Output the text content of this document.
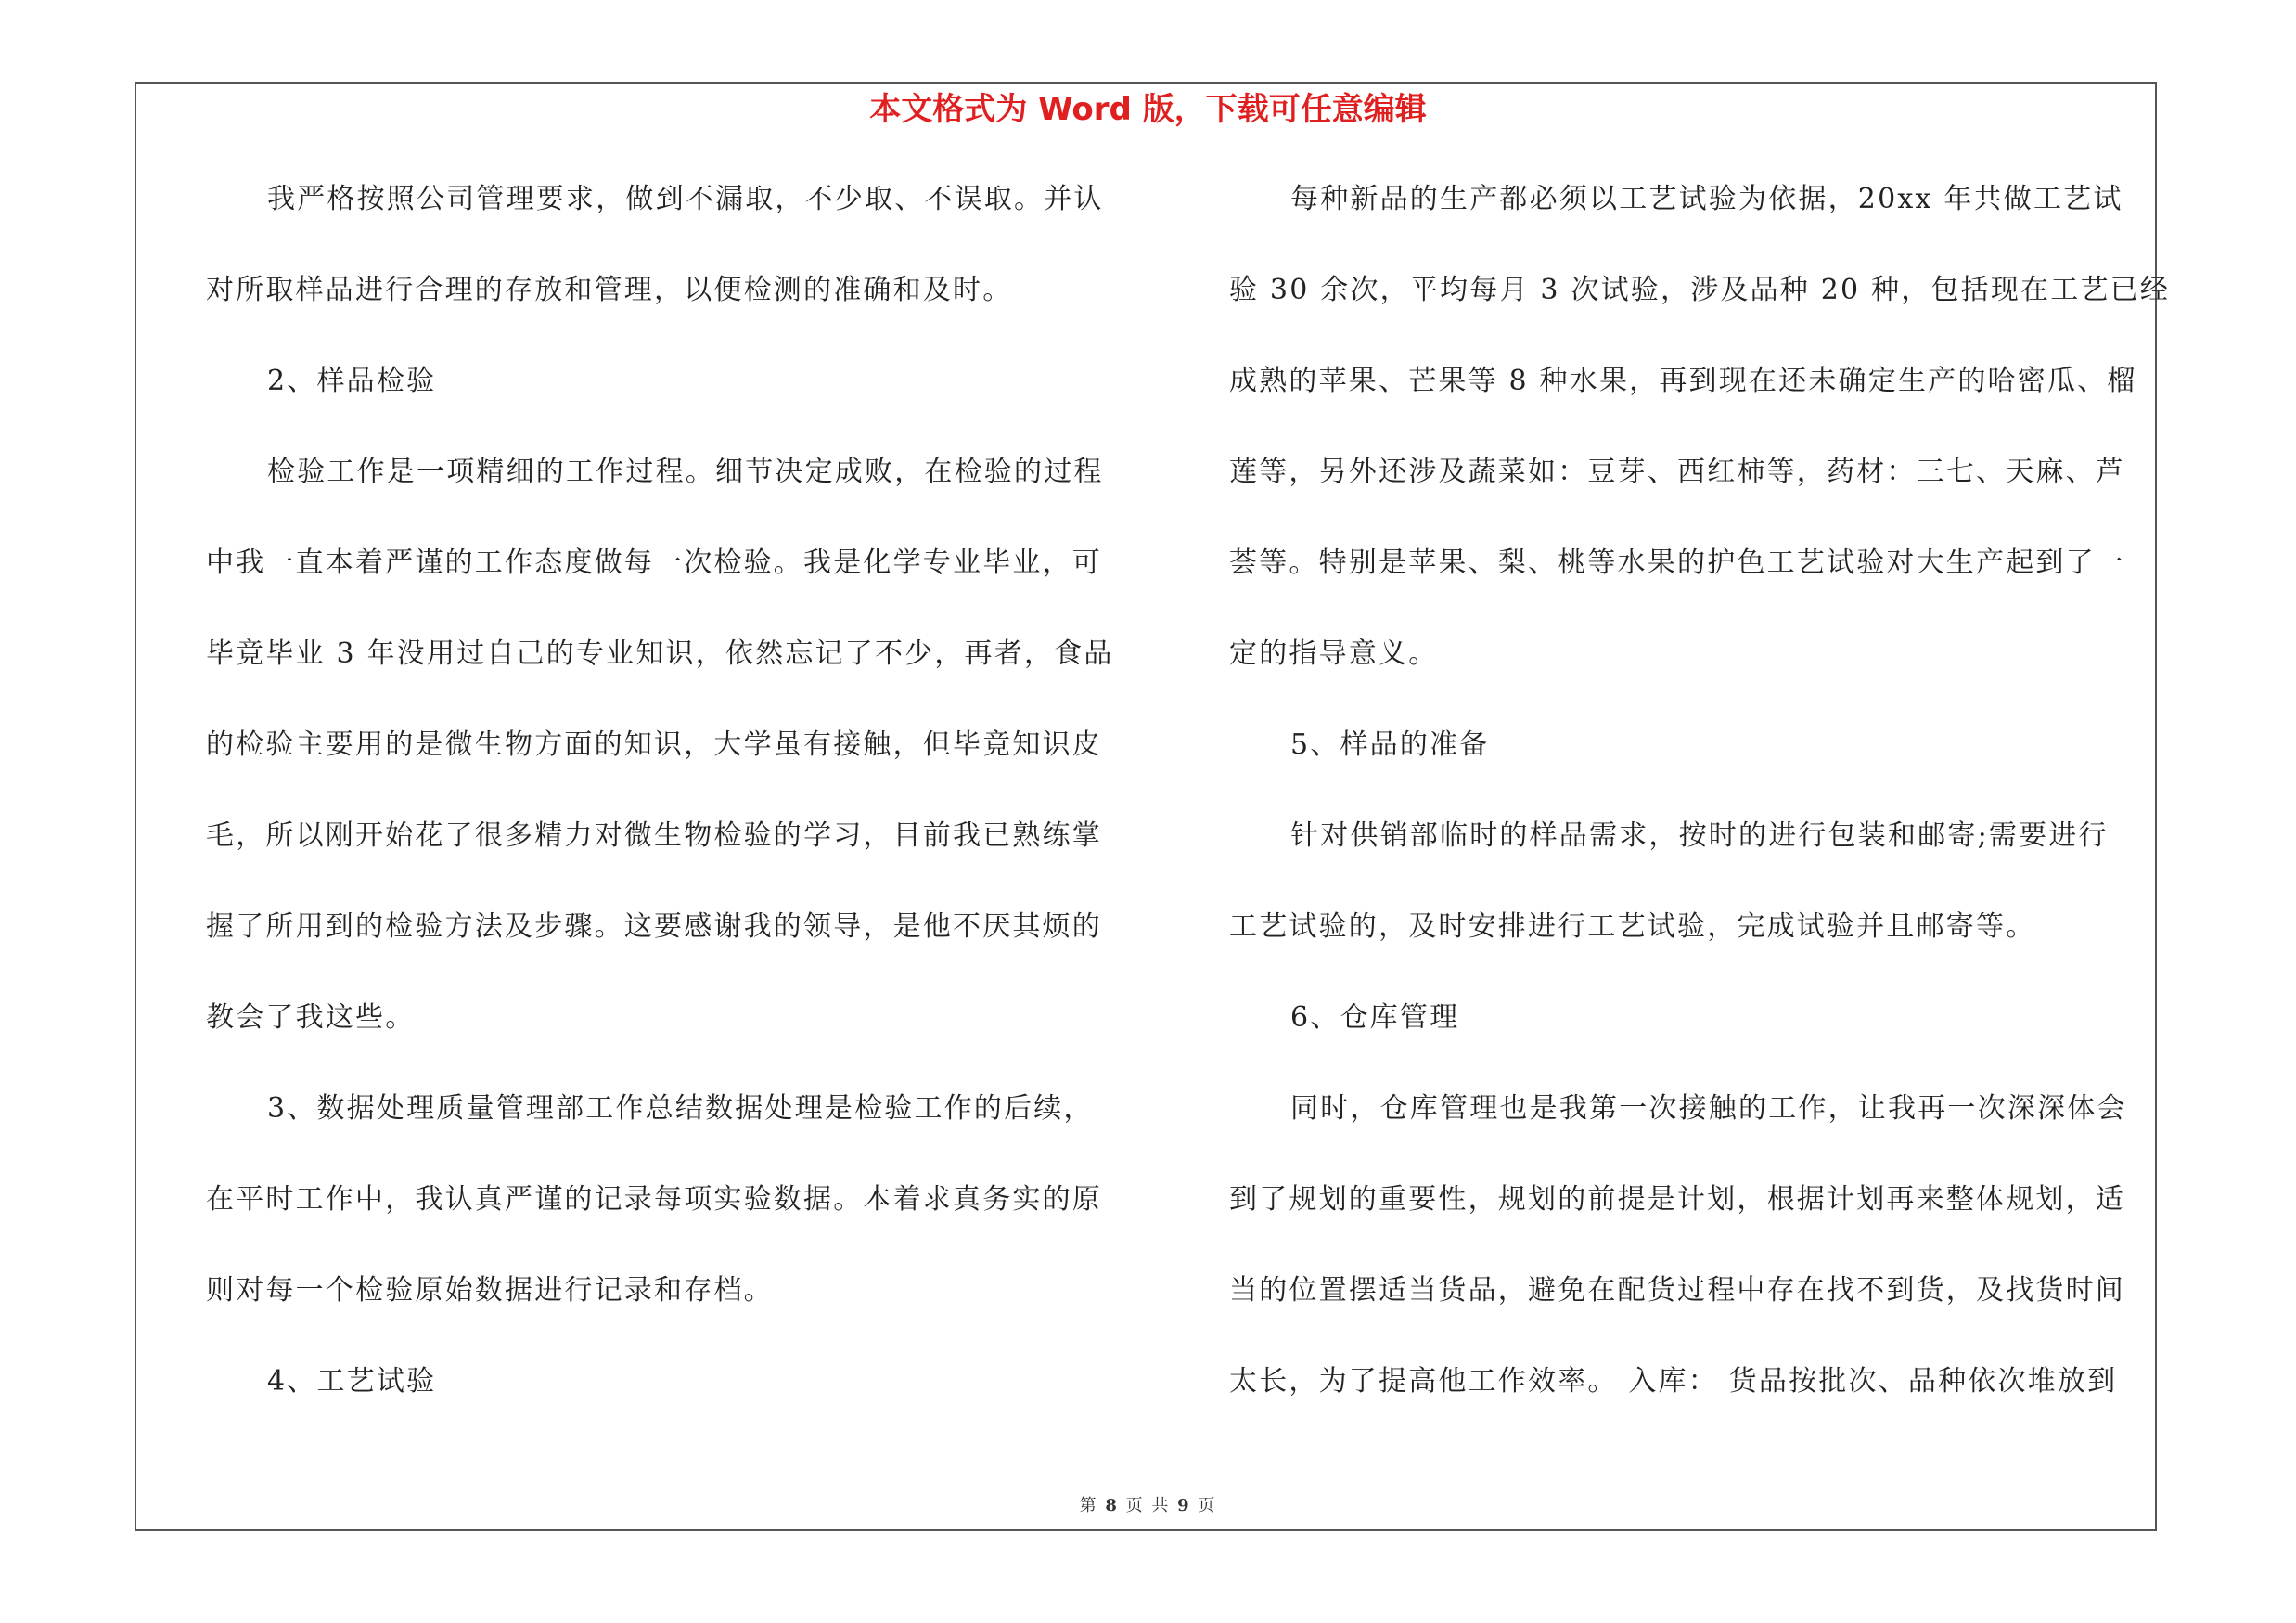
本文格式为 Word 版，下载可任意编辑
我严格按照公司管理要求，做到不漏取，不少取、不误取。并认
对所取样品进行合理的存放和管理，以便检测的准确和及时。
2、样品检验
检验工作是一项精细的工作过程。细节决定成败，在检验的过程
中我一直本着严谨的工作态度做每一次检验。我是化学专业毕业，可
毕竟毕业 3 年没用过自己的专业知识，依然忘记了不少，再者，食品
的检验主要用的是微生物方面的知识，大学虽有接触，但毕竟知识皮
毛，所以刚开始花了很多精力对微生物检验的学习，目前我已熟练掌
握了所用到的检验方法及步骤。这要感谢我的领导，是他不厌其烦的
教会了我这些。
3、数据处理质量管理部工作总结数据处理是检验工作的后续，
在平时工作中，我认真严谨的记录每项实验数据。本着求真务实的原
则对每一个检验原始数据进行记录和存档。
4、工艺试验
每种新品的生产都必须以工艺试验为依据，20xx 年共做工艺试
验 30 余次，平均每月 3 次试验，涉及品种 20 种，包括现在工艺已经
成熟的苹果、芒果等 8 种水果，再到现在还未确定生产的哈密瓜、榴
莲等，另外还涉及蔬菜如：豆芽、西红柿等，药材：三七、天麻、芦
荟等。特别是苹果、梨、桃等水果的护色工艺试验对大生产起到了一
定的指导意义。
5、样品的准备
针对供销部临时的样品需求，按时的进行包装和邮寄;需要进行
工艺试验的，及时安排进行工艺试验，完成试验并且邮寄等。
6、仓库管理
同时，仓库管理也是我第一次接触的工作，让我再一次深深体会
到了规划的重要性，规划的前提是计划，根据计划再来整体规划，适
当的位置摆适当货品，避免在配货过程中存在找不到货，及找货时间
太长，为了提高他工作效率。 入库： 货品按批次、品种依次堆放到
第 8 页 共 9 页
